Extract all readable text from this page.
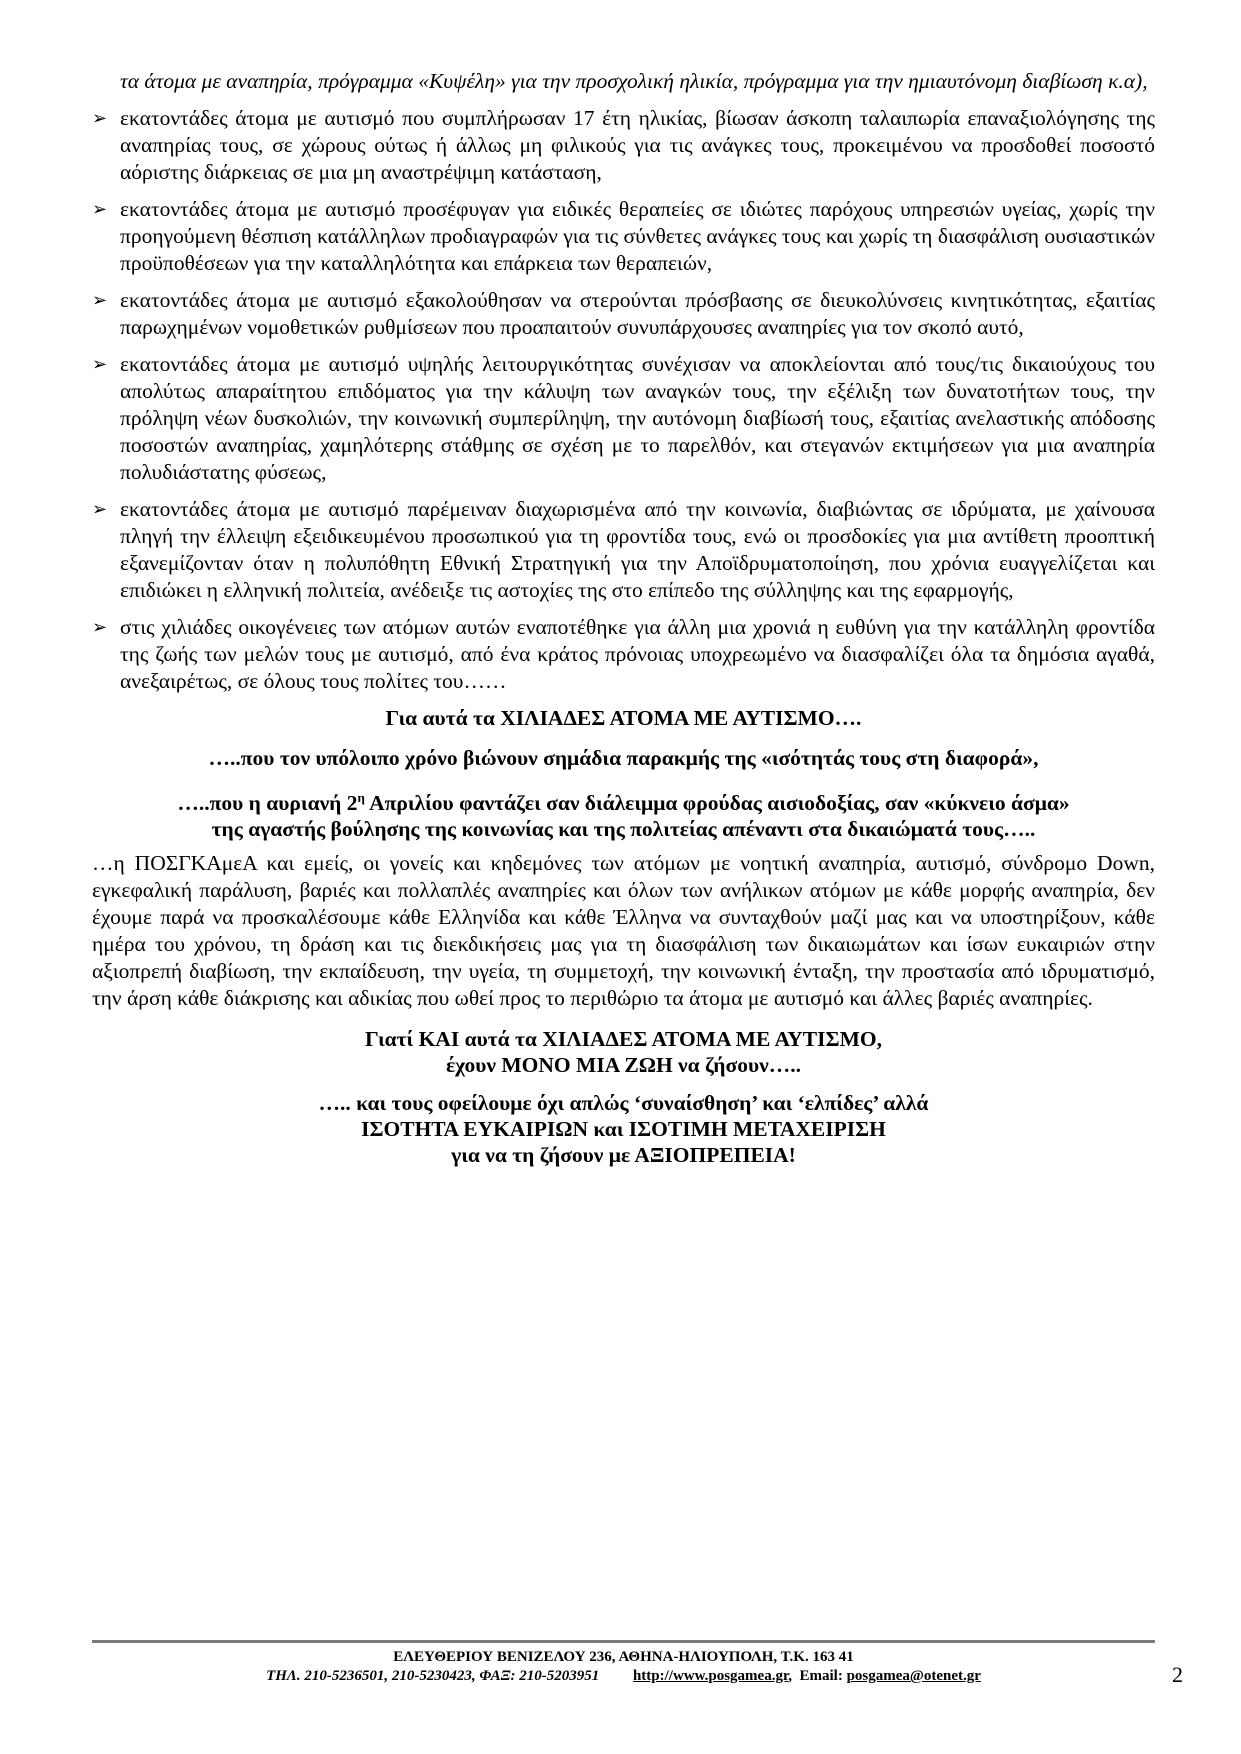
τα άτομα με αναπηρία, πρόγραμμα «Κυψέλη» για την προσχολική ηλικία, πρόγραμμα για την ημιαυτόνομη διαβίωση κ.α),

➢ εκατοντάδες άτομα με αυτισμό που συμπλήρωσαν 17 έτη ηλικίας, βίωσαν άσκοπη ταλαιπωρία επαναξιολόγησης της αναπηρίας τους, σε χώρους ούτως ή άλλως μη φιλικούς για τις ανάγκες τους, προκειμένου να προσδοθεί ποσοστό αόριστης διάρκειας σε μια μη αναστρέψιμη κατάσταση,
➢ εκατοντάδες άτομα με αυτισμό προσέφυγαν για ειδικές θεραπείες σε ιδιώτες παρόχους υπηρεσιών υγείας, χωρίς την προηγούμενη θέσπιση κατάλληλων προδιαγραφών για τις σύνθετες ανάγκες τους και χωρίς τη διασφάλιση ουσιαστικών προϋποθέσεων για την καταλληλότητα και επάρκεια των θεραπειών,
➢ εκατοντάδες άτομα με αυτισμό εξακολούθησαν να στερούνται πρόσβασης σε διευκολύνσεις κινητικότητας, εξαιτίας παρωχημένων νομοθετικών ρυθμίσεων που προαπαιτούν συνυπάρχουσες αναπηρίες για τον σκοπό αυτό,
➢ εκατοντάδες άτομα με αυτισμό υψηλής λειτουργικότητας συνέχισαν να αποκλείονται από τους/τις δικαιούχους του απολύτως απαραίτητου επιδόματος για την κάλυψη των αναγκών τους, την εξέλιξη των δυνατοτήτων τους, την πρόληψη νέων δυσκολιών, την κοινωνική συμπερίληψη, την αυτόνομη διαβίωσή τους, εξαιτίας ανελαστικής απόδοσης ποσοστών αναπηρίας, χαμηλότερης στάθμης σε σχέση με το παρελθόν, και στεγανών εκτιμήσεων για μια αναπηρία πολυδιάστατης φύσεως,
➢ εκατοντάδες άτομα με αυτισμό παρέμειναν διαχωρισμένα από την κοινωνία, διαβιώντας σε ιδρύματα, με χαίνουσα πληγή την έλλειψη εξειδικευμένου προσωπικού για τη φροντίδα τους, ενώ οι προσδοκίες για μια αντίθετη προοπτική εξανεμίζονταν όταν η πολυπόθητη Εθνική Στρατηγική για την Αποϊδρυματοποίηση, που χρόνια ευαγγελίζεται και επιδιώκει η ελληνική πολιτεία, ανέδειξε τις αστοχίες της στο επίπεδο της σύλληψης και της εφαρμογής,
➢ στις χιλιάδες οικογένειες των ατόμων αυτών εναποτέθηκε για άλλη μια χρονιά η ευθύνη για την κατάλληλη φροντίδα της ζωής των μελών τους με αυτισμό, από ένα κράτος πρόνοιας υποχρεωμένο να διασφαλίζει όλα τα δημόσια αγαθά, ανεξαιρέτως, σε όλους τους πολίτες του……

Για αυτά τα ΧΙΛΙΑΔΕΣ ΑΤΟΜΑ ΜΕ ΑΥΤΙΣΜΟ….

…..που τον υπόλοιπο χρόνο βιώνουν σημάδια παρακμής της «ισότητάς τους στη διαφορά»,

…..που η αυριανή $2^\eta$ Απριλίου φαντάζει σαν διάλειμμα φρούδας αισιοδοξίας, σαν «κύκνειο άσμα»
της αγαστής βούλησης της κοινωνίας και της πολιτείας απέναντι στα δικαιώματά τους…..

…η ΠΟΣΓΚΑμεΑ και εμείς, οι γονείς και κηδεμόνες των ατόμων με νοητική αναπηρία, αυτισμό, σύνδρομο Down, εγκεφαλική παράλυση, βαριές και πολλαπλές αναπηρίες και όλων των ανήλικων ατόμων με κάθε μορφής αναπηρία, δεν έχουμε παρά να προσκαλέσουμε κάθε Ελληνίδα και κάθε Έλληνα να συνταχθούν μαζί μας και να υποστηρίξουν, κάθε ημέρα του χρόνου, τη δράση και τις διεκδικήσεις μας για τη διασφάλιση των δικαιωμάτων και ίσων ευκαιριών στην αξιοπρεπή διαβίωση, την εκπαίδευση, την υγεία, τη συμμετοχή, την κοινωνική ένταξη, την προστασία από ιδρυματισμό, την άρση κάθε διάκρισης και αδικίας που ωθεί προς το περιθώριο τα άτομα με αυτισμό και άλλες βαριές αναπηρίες.

Γιατί ΚΑΙ αυτά τα ΧΙΛΙΑΔΕΣ ΑΤΟΜΑ ΜΕ ΑΥΤΙΣΜΟ,

έχουν ΜΟΝΟ ΜΙΑ ΖΩΗ να ζήσουν…..

….. και τους οφείλουμε όχι απλώς ‘συναίσθηση’ και ‘ελπίδες’ αλλά

ΙΣΟΤΗΤΑ ΕΥΚΑΙΡΙΩΝ και ΙΣΟΤΙΜΗ ΜΕΤΑΧΕΙΡΙΣΗ

για να τη ζήσουν με ΑΞΙΟΠΡΕΠΕΙΑ!

ΕΛΕΥΘΕΡΙΟΥ ΒΕΝΙΖΕΛΟΥ 236, ΑΘΗΝΑ-ΗΛΙΟΥΠΟΛΗ, Τ.Κ. 163 41
ΤΗΛ. 210-5236501, 210-5230423, ΦΑΞ: 210-5203951 http://www.posgamea.gr,  Email: posgamea@otenet.gr	2
